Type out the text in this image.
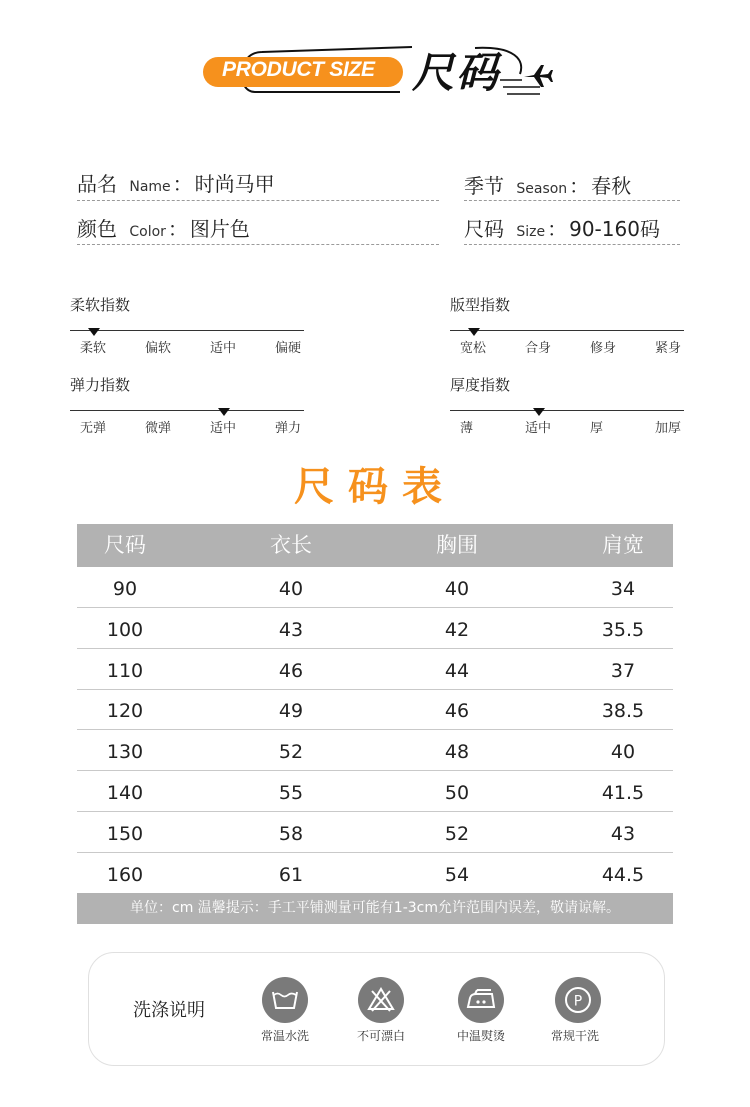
PRODUCT SIZE 尺码
品名 Name ： 时尚马甲	季节 Season ： 春秋
颜色 Color ： 图片色	尺码 Size ： 90-160码
柔软指数
柔软	偏软	适中	偏硬
版型指数
宽松	合身	修身	紧身
弹力指数
无弹	微弹	适中	弹力
厚度指数
薄	适中	厚	加厚
尺码表
尺码	衣长	胸围	肩宽
90	40	40	34
100	43	42	35.5
110	46	44	37
120	49	46	38.5
130	52	48	40
140	55	50	41.5
150	58	52	43
160	61	54	44.5
单位：cm 温馨提示：手工平铺测量可能有1-3cm允许范围内误差，敬请谅解。
洗涤说明
常温水洗	不可漂白	中温熨烫
P
常规干洗
